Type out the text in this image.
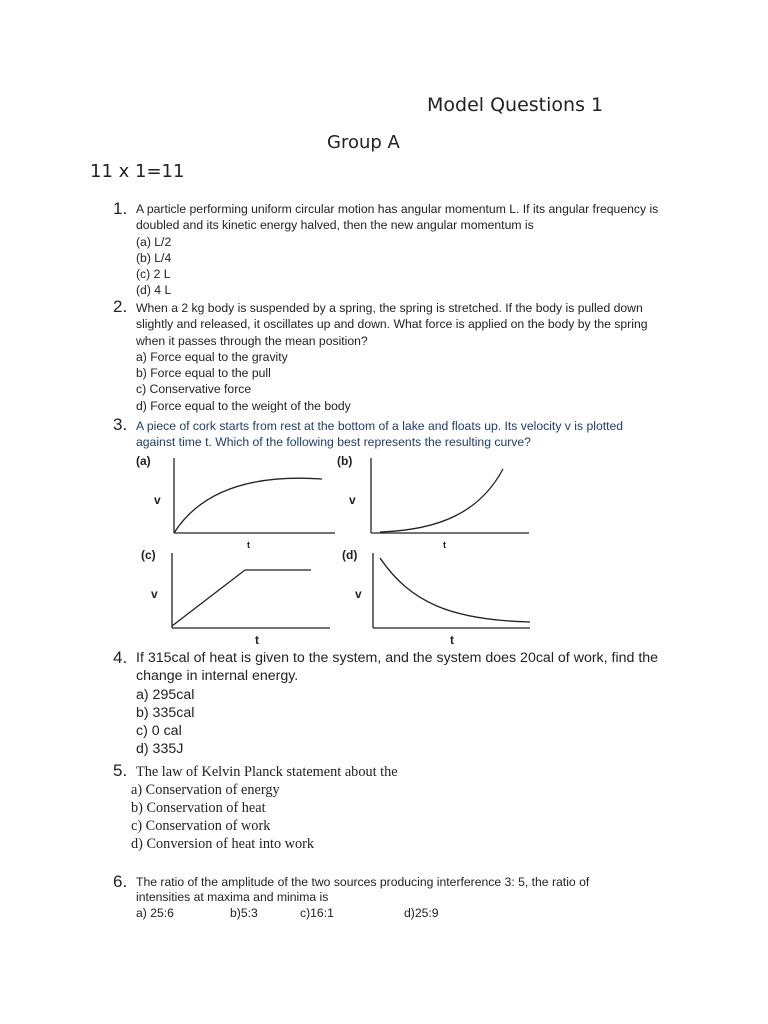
Model Questions 1
Group A
11 x 1=11
1. A particle performing uniform circular motion has angular momentum L. If its angular frequency is
doubled and its kinetic energy halved, then the new angular momentum is
(a) L/2
(b) L/4
(c) 2 L
(d) 4 L
2. When a 2 kg body is suspended by a spring, the spring is stretched. If the body is pulled down
slightly and released, it oscillates up and down. What force is applied on the body by the spring
when it passes through the mean position?
a) Force equal to the gravity
b) Force equal to the pull
c) Conservative force
d) Force equal to the weight of the body
3. A piece of cork starts from rest at the bottom of a lake and floats up. Its velocity v is plotted
against time t. Which of the following best represents the resulting curve?
(a)
v
t
(b)
v
t
(c)
v
t
(d)
v
t
4. If 315cal of heat is given to the system, and the system does 20cal of work, find the
change in internal energy.
a) 295cal
b) 335cal
c) 0 cal
d) 335J
5. The law of Kelvin Planck statement about the
a) Conservation of energy
b) Conservation of heat
c) Conservation of work
d) Conversion of heat into work
6. The ratio of the amplitude of the two sources producing interference 3: 5, the ratio of
intensities at maxima and minima is
a) 25:6	b)5:3	c)16:1	d)25:9
